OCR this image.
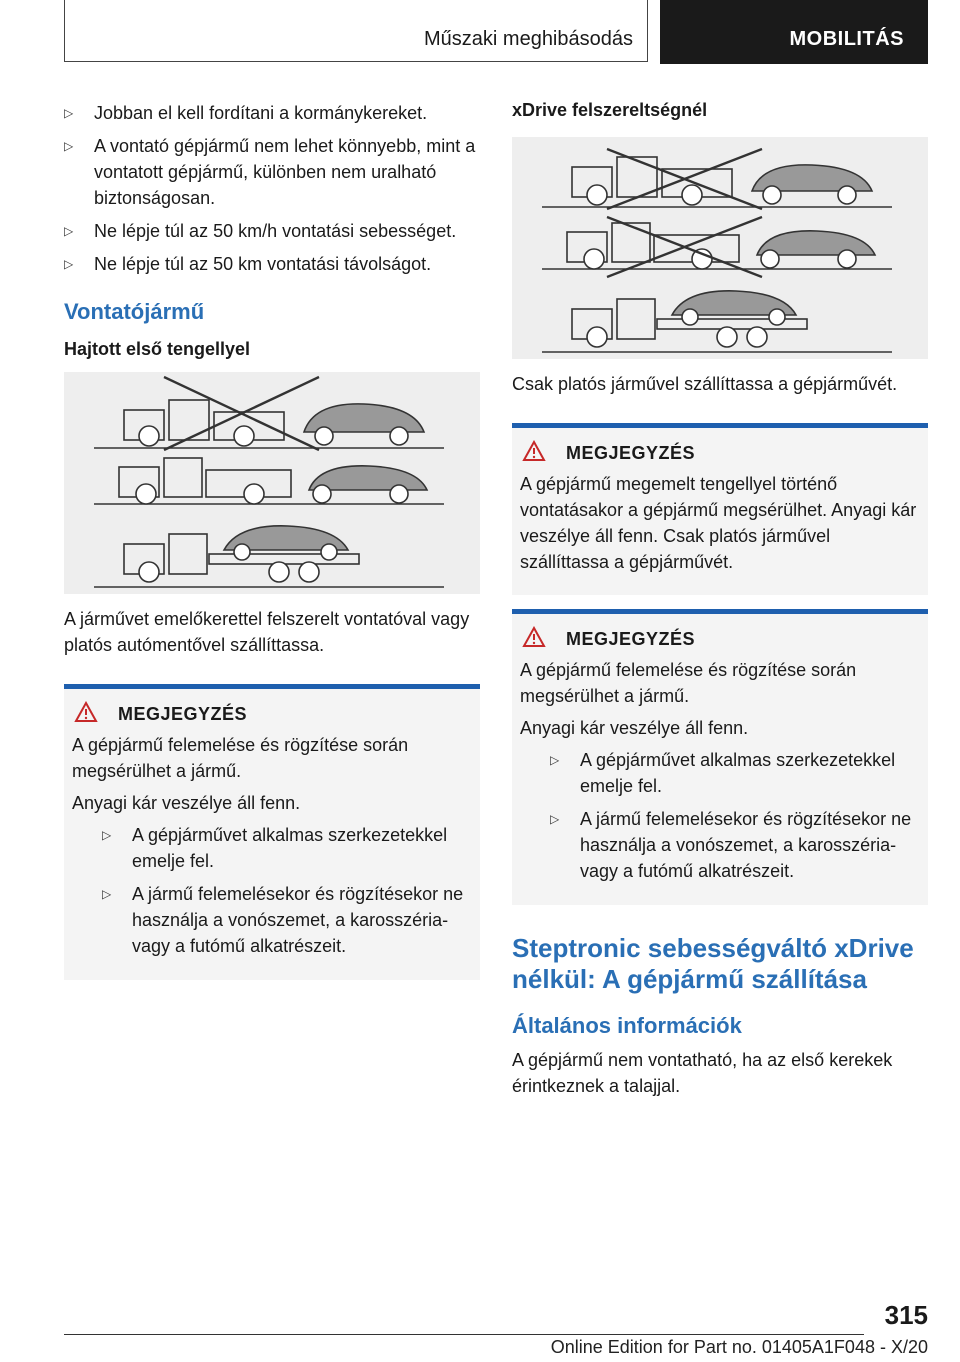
Műszaki meghibásodás	MOBILITÁS
▷ Jobban el kell fordítani a kormánykereket.
▷ A vontató gépjármű nem lehet könnyebb, mint a vontatott gépjármű, különben nem uralható biztonságosan.
▷ Ne lépje túl az 50 km/h vontatási sebességet.
▷ Ne lépje túl az 50 km vontatási távolságot.
Vontatójármű
Hajtott első tengellyel

A járművet emelőkerettel felszerelt vontatóval vagy platós autómentővel szállíttassa.

MEGJEGYZÉS

A gépjármű felemelése és rögzítése során megsérülhet a jármű.

Anyagi kár veszélye áll fenn.

▷ A gépjárművet alkalmas szerkezetekkel emelje fel.
▷ A jármű felemelésekor és rögzítésekor ne használja a vonószemet, a karosszéria- vagy a futómű alkatrészeit.
xDrive felszereltségnél

Csak platós járművel szállíttassa a gépjárművét.

MEGJEGYZÉS

A gépjármű megemelt tengellyel történő vontatásakor a gépjármű megsérülhet. Anyagi kár veszélye áll fenn. Csak platós járművel szállíttassa a gépjárművét.

MEGJEGYZÉS

A gépjármű felemelése és rögzítése során megsérülhet a jármű.

Anyagi kár veszélye áll fenn.

▷ A gépjárművet alkalmas szerkezetekkel emelje fel.
▷ A jármű felemelésekor és rögzítésekor ne használja a vonószemet, a karosszéria- vagy a futómű alkatrészeit.
Steptronic sebességváltó xDrive nélkül: A gépjármű szállítása
Általános információk

A gépjármű nem vontatható, ha az első kerekek érintkeznek a talajjal.

315
Online Edition for Part no. 01405A1F048 - X/20
